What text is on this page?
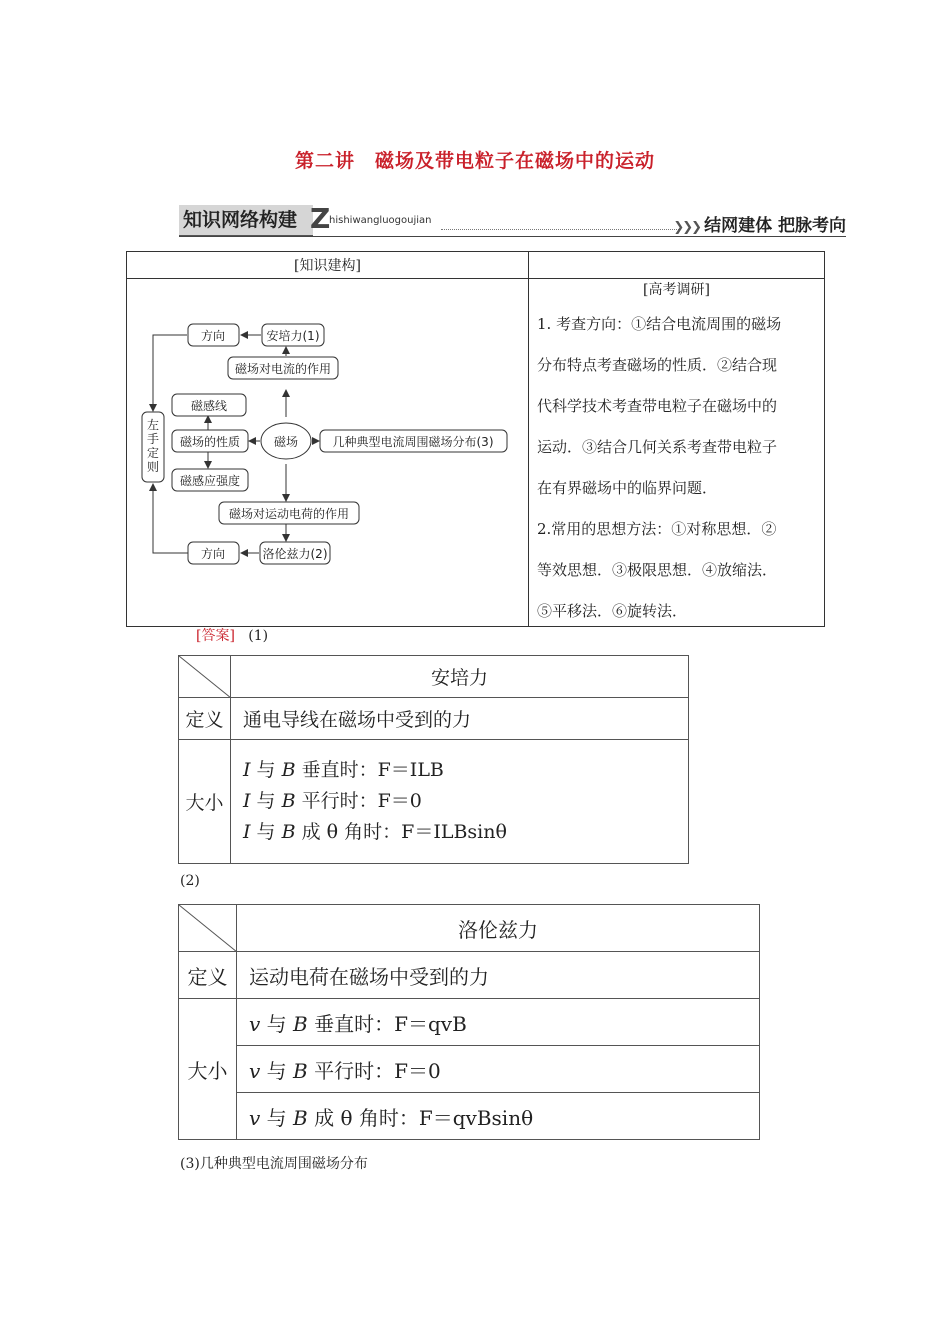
第二讲　磁场及带电粒子在磁场中的运动
知识网络构建 Z
hishiwangluogoujian	❯❯❯ 结网建体 把脉考向
[知识建构]
[高考调研]
方向	安培力(1)
磁场对电流的作用
磁感线
左手定则
磁场的性质	磁场	几种典型电流周围磁场分布(3)
磁感应强度
磁场对运动电荷的作用
方向	洛伦兹力(2)
1. 考查方向：①结合电流周围的磁场
分布特点考查磁场的性质．②结合现
代科学技术考查带电粒子在磁场中的
运动．③结合几何关系考查带电粒子
在有界磁场中的临界问题．
2.常用的思想方法：①对称思想．②
等效思想．③极限思想．④放缩法．
⑤平移法．⑥旋转法．
[答案] (1)
	安培力
定义	通电导线在磁场中受到的力
大小	I 与 B 垂直时：F＝ILB
I 与 B 平行时：F＝0
I 与 B 成 θ 角时：F＝ILBsinθ
(2)
	洛伦兹力
定义	运动电荷在磁场中受到的力
大小	v 与 B 垂直时：F＝qvB
	v 与 B 平行时：F＝0
	v 与 B 成 θ 角时：F＝qvBsinθ
(3)几种典型电流周围磁场分布
